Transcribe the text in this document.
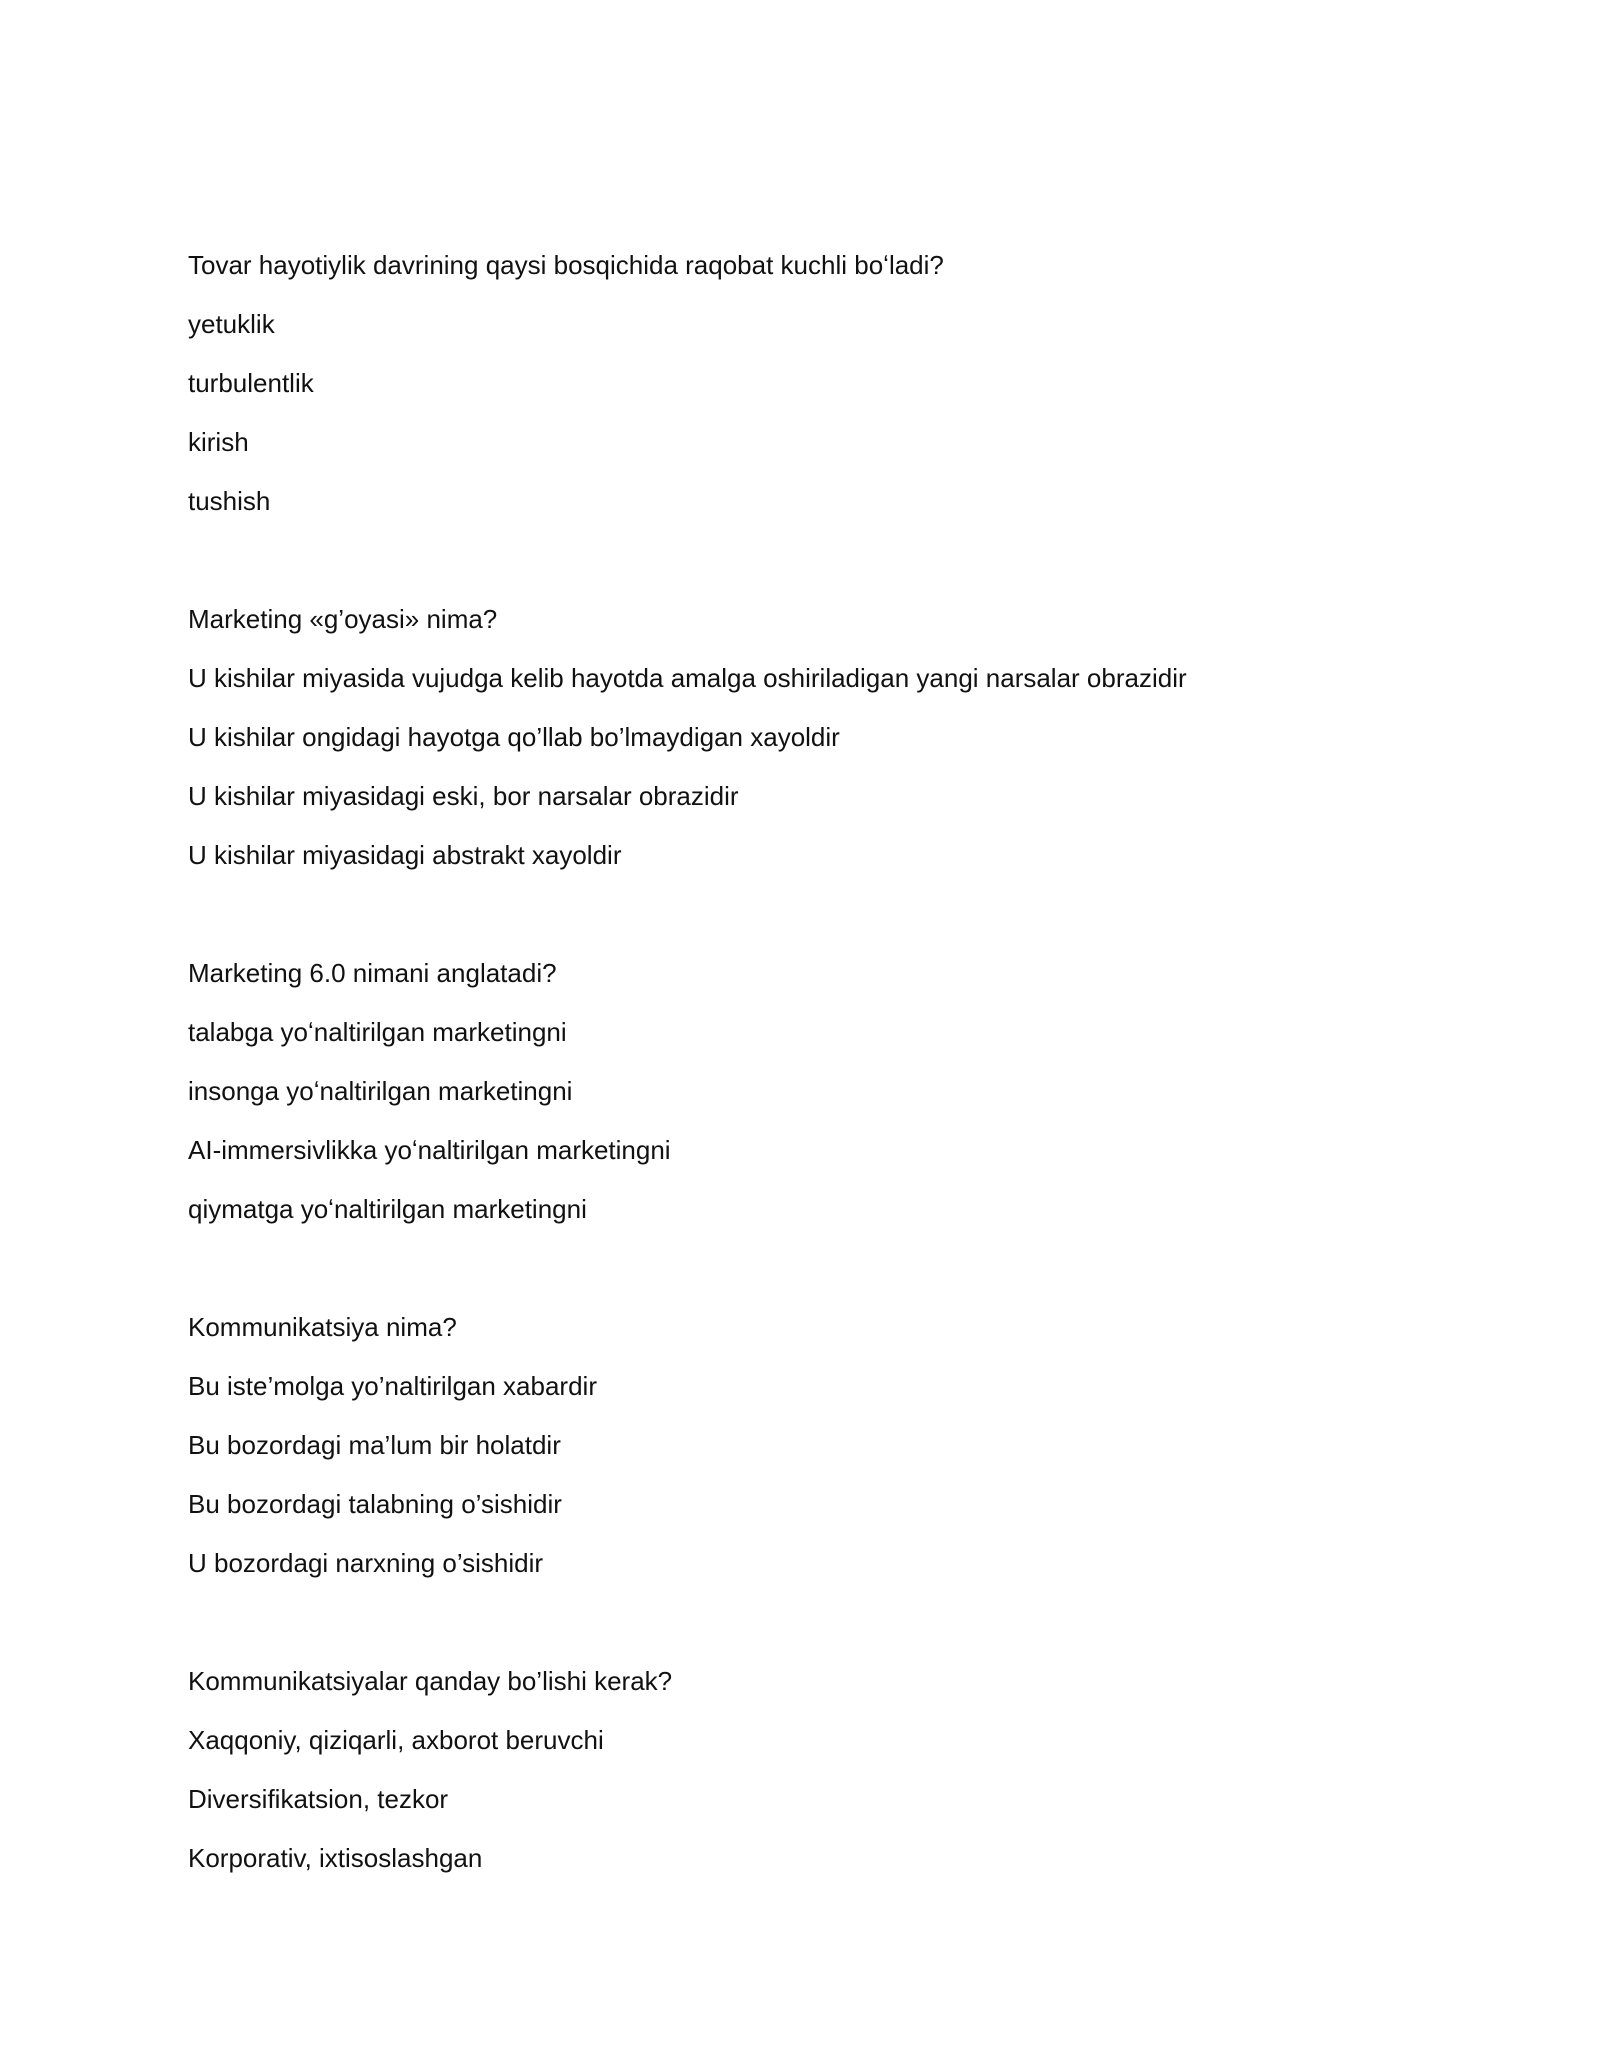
Tovar hayotiylik davrining qaysi bosqichida raqobat kuchli boʻladi?
yetuklik
turbulentlik
kirish
tushish
Marketing «g’oyasi» nima?
U kishilar miyasida vujudga kelib hayotda amalga oshiriladigan yangi narsalar obrazidir
U kishilar ongidagi hayotga qo’llab bo’lmaydigan xayoldir
U kishilar miyasidagi eski, bor narsalar obrazidir
U kishilar miyasidagi abstrakt xayoldir
Marketing 6.0 nimani anglatadi?
talabga yoʻnaltirilgan marketingni
insonga yoʻnaltirilgan marketingni
AI-immersivlikka yoʻnaltirilgan marketingni
qiymatga yoʻnaltirilgan marketingni
Kommunikatsiya nima?
Bu iste’molga yo’naltirilgan xabardir
Bu bozordagi ma’lum bir holatdir
Bu bozordagi talabning o’sishidir
U bozordagi narxning o’sishidir
Kommunikatsiyalar qanday bo’lishi kerak?
Xaqqoniy, qiziqarli, axborot beruvchi
Diversifikatsion, tezkor
Korporativ, ixtisoslashgan
